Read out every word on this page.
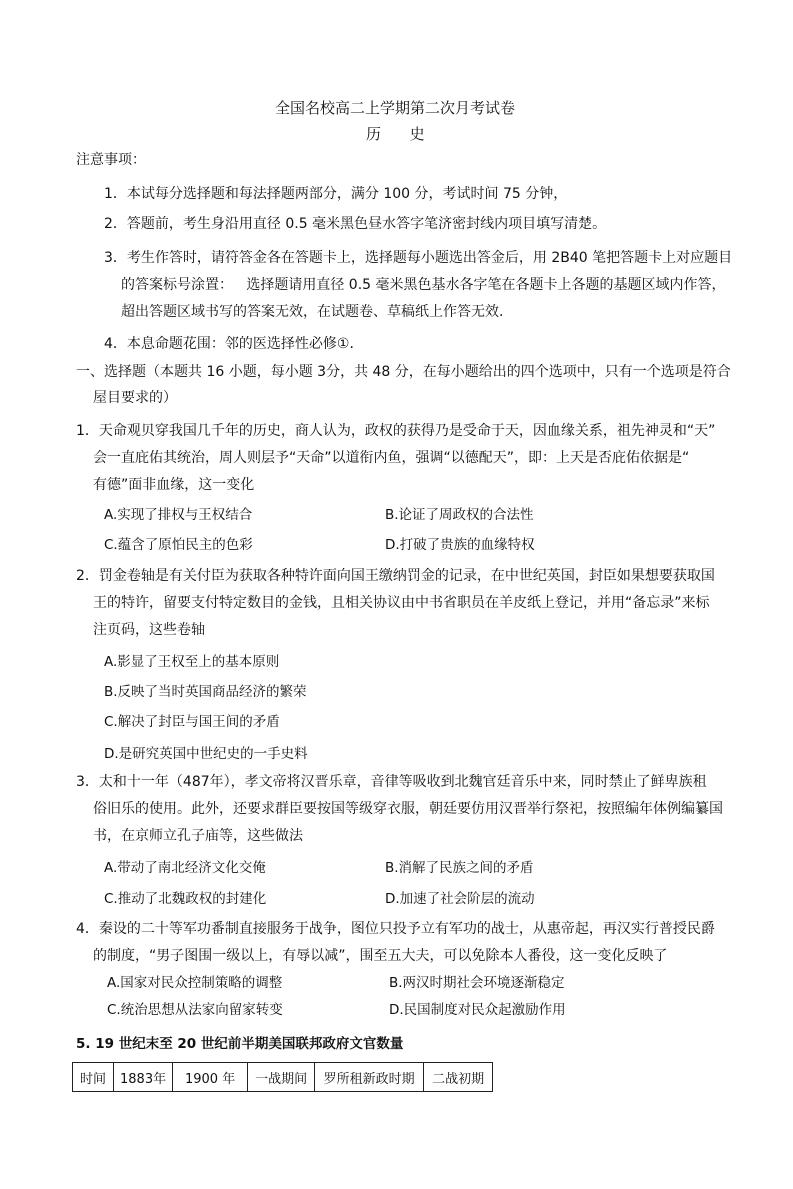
全国名校高二上学期第二次月考试卷
历      史
注意事项：
1．本试每分选择题和每法择题两部分，满分 100 分，考试时间 75 分钟，
2．答题前，考生身沿用直径 0.5 毫米黑色昼水答字笔济密封线内项目填写清楚。
3．考生作答时，请符答金各在答题卡上，选择题每小题选出答金后，用 2B40 笔把答题卡上对应题目
的答案标号涂置：   选择题请用直径 0.5 毫米黑色基水各字笔在各题卡上各题的基题区域内作答，
超出答题区域书写的答案无效，在试题卷、草稿纸上作答无效.
4．本息命题花围：邻的医选择性必修①．
一、选择题（本题共 16 小题，每小题 3分，共 48 分，在每小题给出的四个选项中，只有一个选项是符合
屋目要求的）
1．天命观贝穿我国几千年的历史，商人认为，政权的获得乃是受命于天，因血缘关系，祖先神灵和“天”
会一直庇佑其统治，周人则层予“天命”以道衔内鱼，强调“以德配天”，即：上天是否庇佑依据是“
有德”面非血缘，这一变化
A.实现了排权与王权结合	B.论证了周政权的合法性
C.蕴含了原怕民主的色彩	D.打破了贵族的血缘特权
2．罚金卷轴是有关付臣为获取各种特许面向国王缴纳罚金的记录，在中世纪英国，封臣如果想要获取国
王的特许，留要支付特定数目的金钱，且相关协议由中书省职员在羊皮纸上登记，并用“备忘录”来标
注页码，这些卷轴
A.影显了王权至上的基本原则
B.反映了当时英国商品经济的繁荣
C.解决了封臣与国王间的矛盾
D.是研究英国中世纪史的一手史料
3．太和十一年（487年），孝文帝将汉晋乐章，音律等吸收到北魏官廷音乐中来，同时禁止了鲜卑族租
俗旧乐的使用。此外，还要求群臣要按国等级穿衣服，朝廷要仿用汉晋举行祭祀，按照编年体例编纂国
书，在京师立孔子庙等，这些做法
A.带动了南北经济文化交俺	B.消解了民族之间的矛盾
C.推动了北魏政权的封建化	D.加速了社会阶层的流动
4．秦设的二十等军功番制直接服务于战争，图位只投予立有军功的战士，从惠帝起，再汉实行普授民爵
的制度，“男子图围一级以上，有辱以减”，围至五大夫，可以免除本人番役，这一变化反映了
A.国家对民众控制策略的调整	B.两汉时期社会环境逐渐稳定
C.统治思想从法家向留家转变	D.民国制度对民众起激励作用
5. 19 世纪末至 20 世纪前半期美国联邦政府文官数量
时间	1883年	1900 年	一战期间	罗所租新政时期	二战初期
